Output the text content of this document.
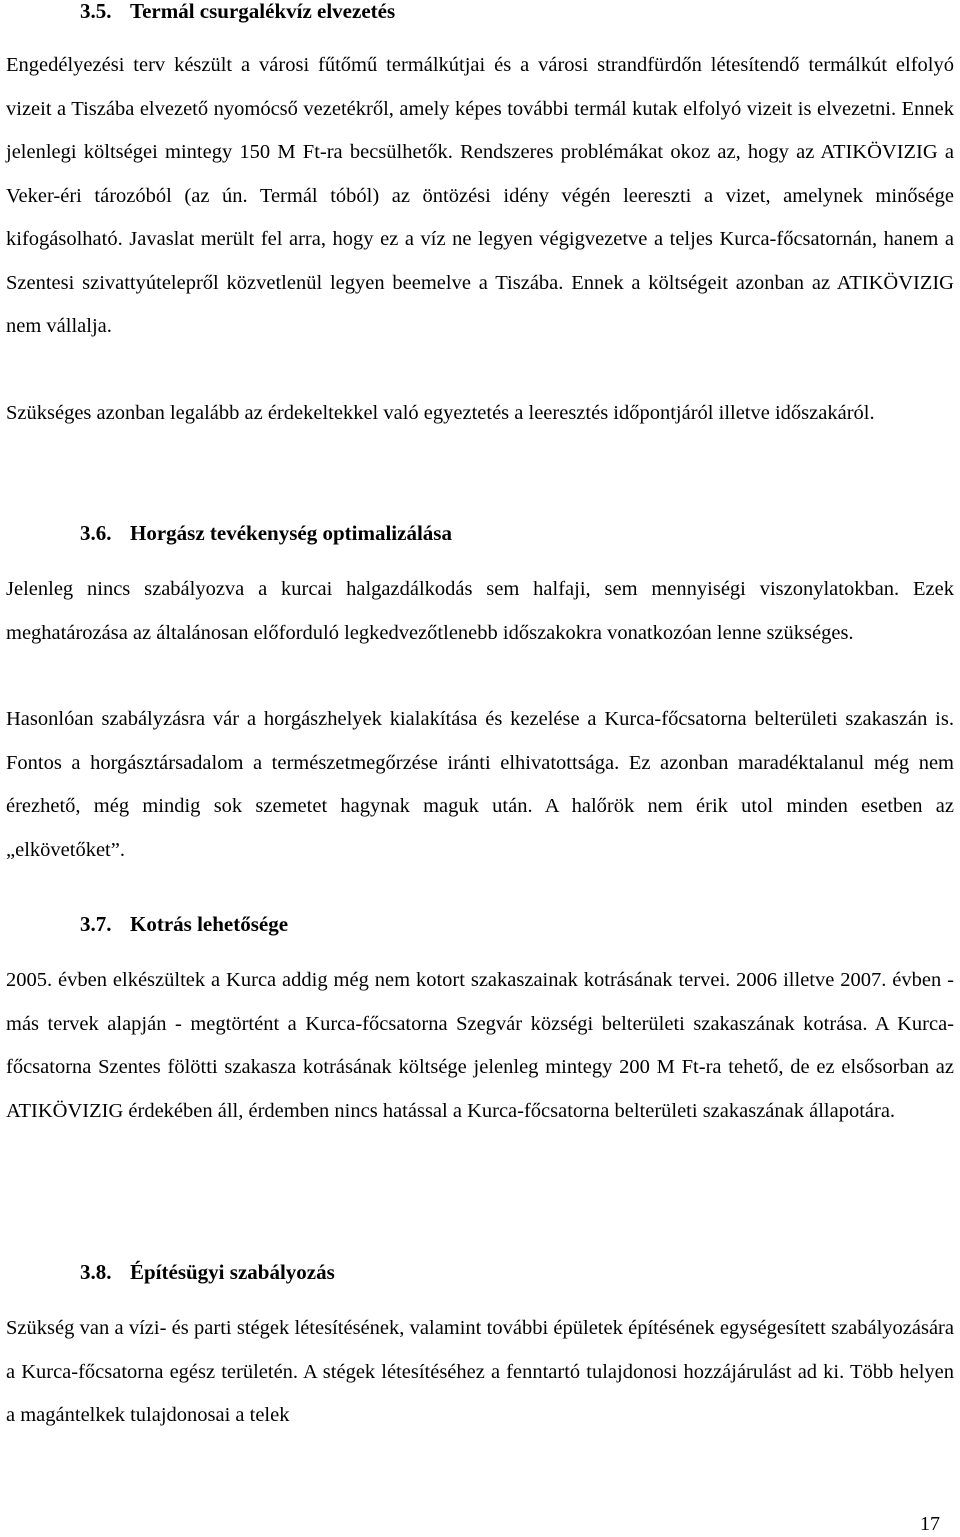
3.5. Termál csurgalékvíz elvezetés

Engedélyezési terv készült a városi fűtőmű termálkútjai és a városi strandfürdőn létesítendő termálkút elfolyó vizeit a Tiszába elvezető nyomócső vezetékről, amely képes további termál kutak elfolyó vizeit is elvezetni. Ennek jelenlegi költségei mintegy 150 M Ft-ra becsülhetők. Rendszeres problémákat okoz az, hogy az ATIKÖVIZIG a Veker-éri tározóból (az ún. Termál tóból) az öntözési idény végén leereszti a vizet, amelynek minősége kifogásolható. Javaslat merült fel arra, hogy ez a víz ne legyen végigvezetve a teljes Kurca-főcsatornán, hanem a Szentesi szivattyútelepről közvetlenül legyen beemelve a Tiszába. Ennek a költségeit azonban az ATIKÖVIZIG nem vállalja.

Szükséges azonban legalább az érdekeltekkel való egyeztetés a leeresztés időpontjáról illetve időszakáról.

3.6. Horgász tevékenység optimalizálása

Jelenleg nincs szabályozva a kurcai halgazdálkodás sem halfaji, sem mennyiségi viszonylatokban. Ezek meghatározása az általánosan előforduló legkedvezőtlenebb időszakokra vonatkozóan lenne szükséges.

Hasonlóan szabályzásra vár a horgászhelyek kialakítása és kezelése a Kurca-főcsatorna belterületi szakaszán is. Fontos a horgásztársadalom a természetmegőrzése iránti elhivatottsága. Ez azonban maradéktalanul még nem érezhető, még mindig sok szemetet hagynak maguk után. A halőrök nem érik utol minden esetben az „elkövetőket”.

3.7. Kotrás lehetősége

2005. évben elkészültek a Kurca addig még nem kotort szakaszainak kotrásának tervei. 2006 illetve 2007. évben - más tervek alapján - megtörtént a Kurca-főcsatorna Szegvár községi belterületi szakaszának kotrása. A Kurca-főcsatorna Szentes fölötti szakasza kotrásának költsége jelenleg mintegy 200 M Ft-ra tehető, de ez elsősorban az ATIKÖVIZIG érdekében áll, érdemben nincs hatással a Kurca-főcsatorna belterületi szakaszának állapotára.

3.8. Építésügyi szabályozás

Szükség van a vízi- és parti stégek létesítésének, valamint további épületek építésének egységesített szabályozására a Kurca-főcsatorna egész területén. A stégek létesítéséhez a fenntartó tulajdonosi hozzájárulást ad ki. Több helyen a magántelkek tulajdonosai a telek

17
